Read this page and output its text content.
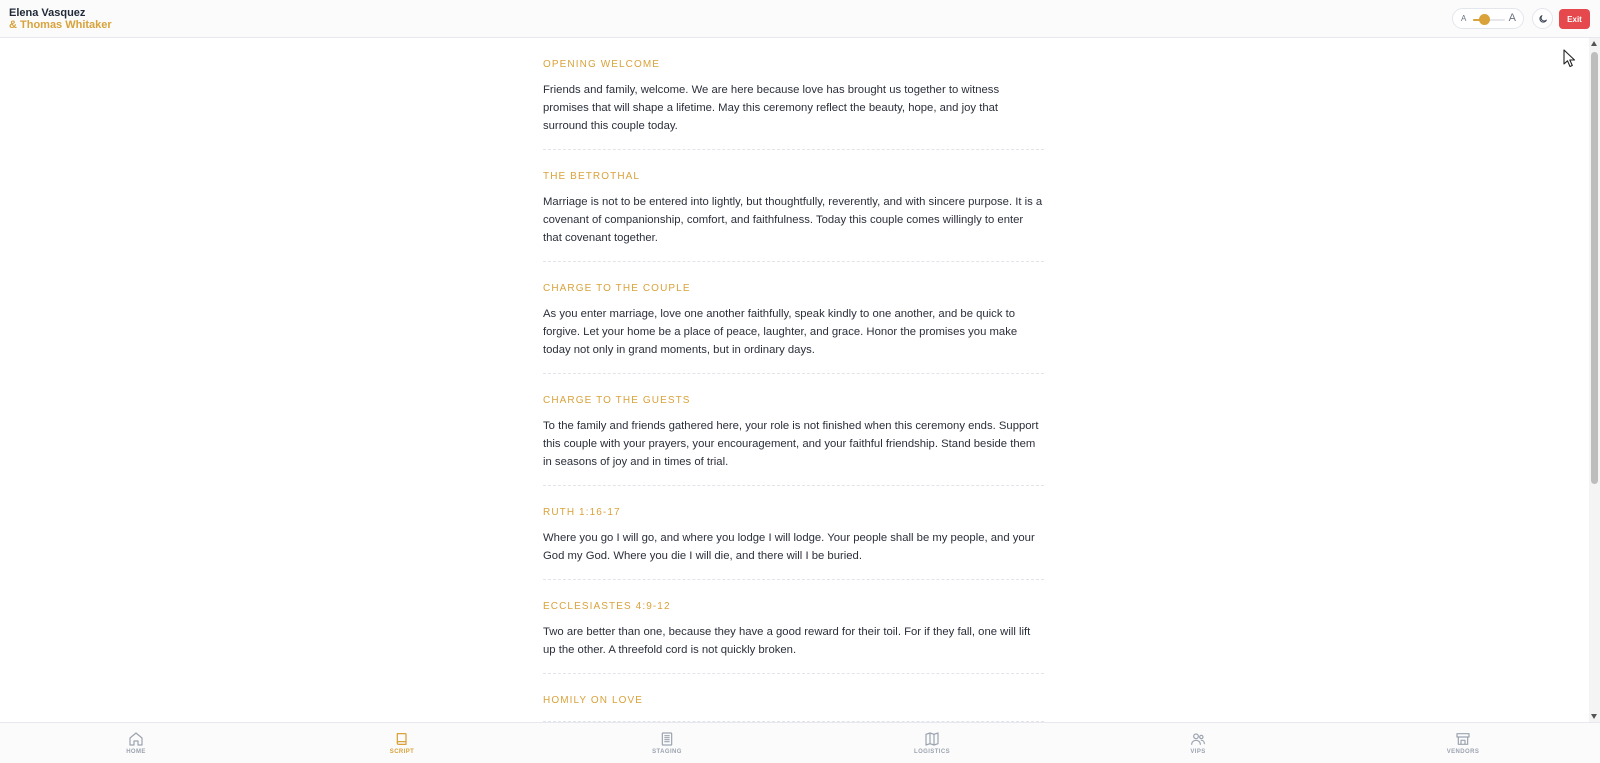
Elena Vasquez
& Thomas Whitaker
A	A	Exit
OPENING WELCOME
Friends and family, welcome. We are here because love has brought us together to witness promises that will shape a lifetime. May this ceremony reflect the beauty, hope, and joy that surround this couple today.
THE BETROTHAL
Marriage is not to be entered into lightly, but thoughtfully, reverently, and with sincere purpose. It is a covenant of companionship, comfort, and faithfulness. Today this couple comes willingly to enter that covenant together.
CHARGE TO THE COUPLE
As you enter marriage, love one another faithfully, speak kindly to one another, and be quick to forgive. Let your home be a place of peace, laughter, and grace. Honor the promises you make today not only in grand moments, but in ordinary days.
CHARGE TO THE GUESTS
To the family and friends gathered here, your role is not finished when this ceremony ends. Support this couple with your prayers, your encouragement, and your faithful friendship. Stand beside them in seasons of joy and in times of trial.
RUTH 1:16-17
Where you go I will go, and where you lodge I will lodge. Your people shall be my people, and your God my God. Where you die I will die, and there will I be buried.
ECCLESIASTES 4:9-12
Two are better than one, because they have a good reward for their toil. For if they fall, one will lift up the other. A threefold cord is not quickly broken.
HOMILY ON LOVE
HOME	SCRIPT	STAGING	LOGISTICS	VIPS	VENDORS
